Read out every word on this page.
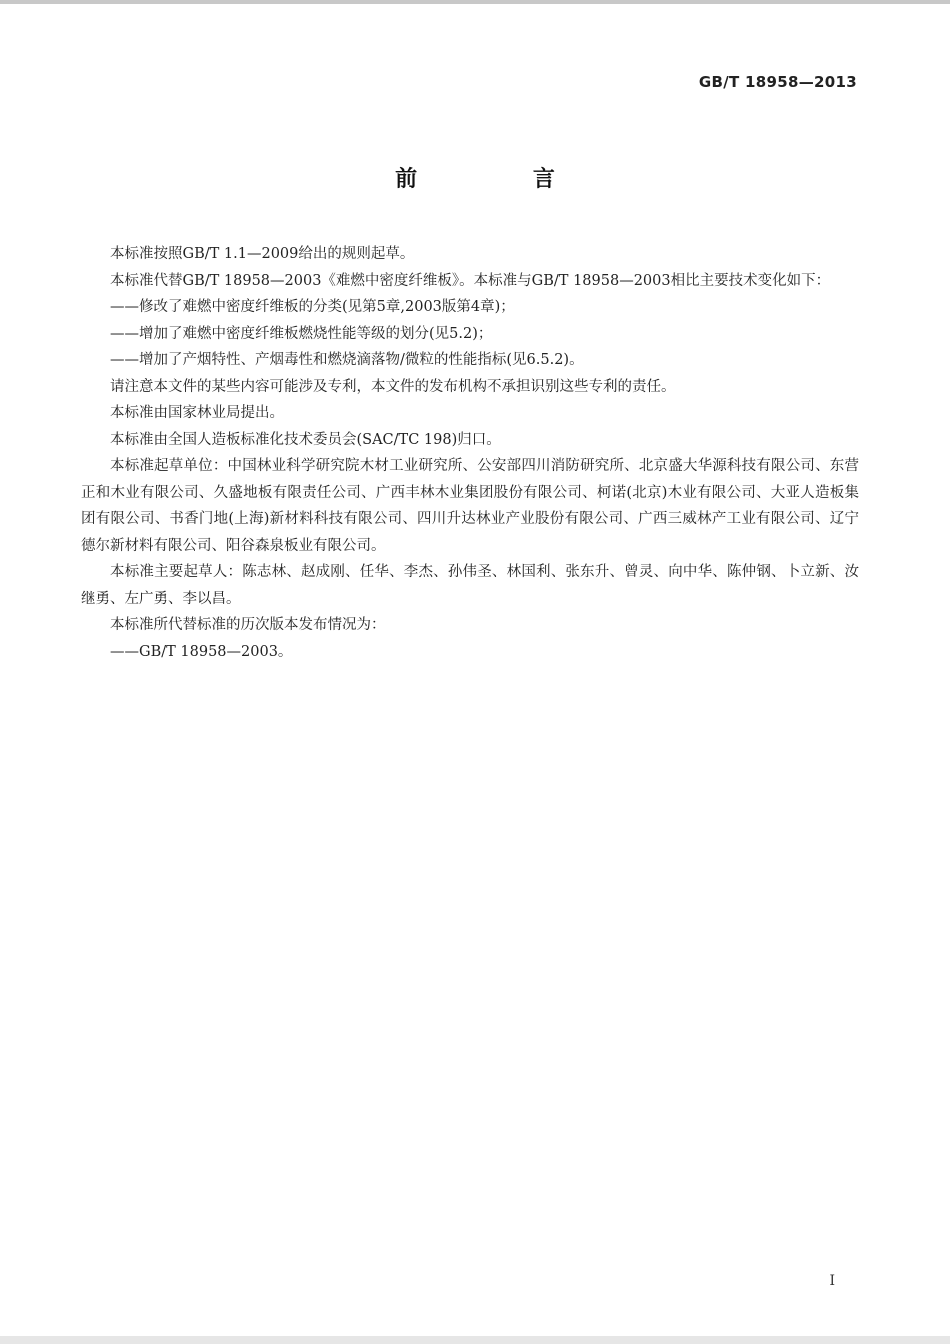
GB/T 18958—2013
前 言

本标准按照GB/T 1.1—2009给出的规则起草。

本标准代替GB/T 18958—2003《难燃中密度纤维板》。本标准与GB/T 18958—2003相比主要技术变化如下：

——修改了难燃中密度纤维板的分类(见第5章,2003版第4章)；

——增加了难燃中密度纤维板燃烧性能等级的划分(见5.2)；

——增加了产烟特性、产烟毒性和燃烧滴落物/微粒的性能指标(见6.5.2)。

请注意本文件的某些内容可能涉及专利，本文件的发布机构不承担识别这些专利的责任。

本标准由国家林业局提出。

本标准由全国人造板标准化技术委员会(SAC/TC 198)归口。

本标准起草单位：中国林业科学研究院木材工业研究所、公安部四川消防研究所、北京盛大华源科技有限公司、东营正和木业有限公司、久盛地板有限责任公司、广西丰林木业集团股份有限公司、柯诺(北京)木业有限公司、大亚人造板集团有限公司、书香门地(上海)新材料科技有限公司、四川升达林业产业股份有限公司、广西三威林产工业有限公司、辽宁德尔新材料有限公司、阳谷森泉板业有限公司。

本标准主要起草人：陈志林、赵成刚、任华、李杰、孙伟圣、林国利、张东升、曾灵、向中华、陈仲钢、卜立新、汝继勇、左广勇、李以昌。

本标准所代替标准的历次版本发布情况为：

——GB/T 18958—2003。

I
